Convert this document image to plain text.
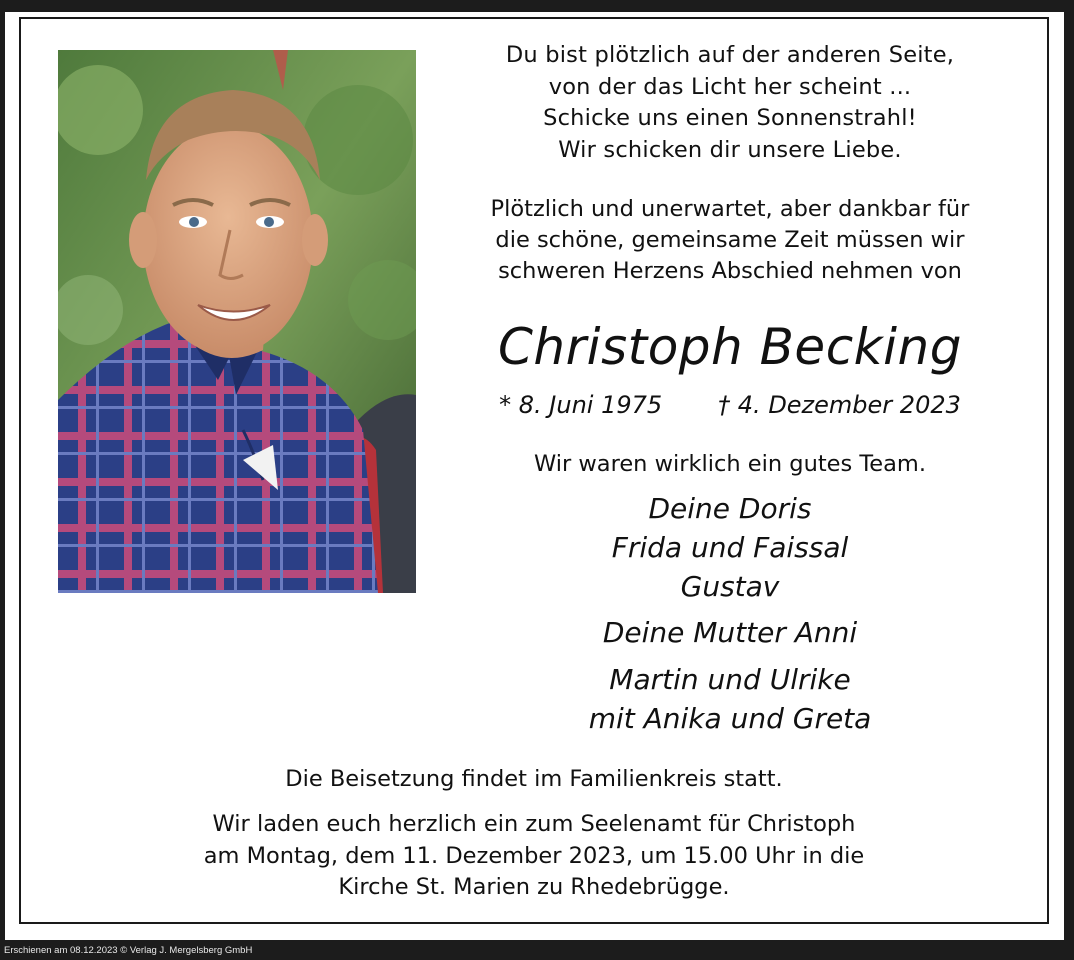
Du bist plötzlich auf der anderen Seite,
von der das Licht her scheint ...
Schicke uns einen Sonnenstrahl!
Wir schicken dir unsere Liebe.
Plötzlich und unerwartet, aber dankbar für
die schöne, gemeinsame Zeit müssen wir
schweren Herzens Abschied nehmen von
Christoph Becking
* 8. Juni 1975 † 4. Dezember 2023
Wir waren wirklich ein gutes Team.
Deine Doris
Frida und Faissal
Gustav
Deine Mutter Anni
Martin und Ulrike
mit Anika und Greta
Die Beisetzung findet im Familienkreis statt.
Wir laden euch herzlich ein zum Seelenamt für Christoph
am Montag, dem 11. Dezember 2023, um 15.00 Uhr in die
Kirche St. Marien zu Rhedebrügge.
Erschienen am 08.12.2023 © Verlag J. Mergelsberg GmbH
